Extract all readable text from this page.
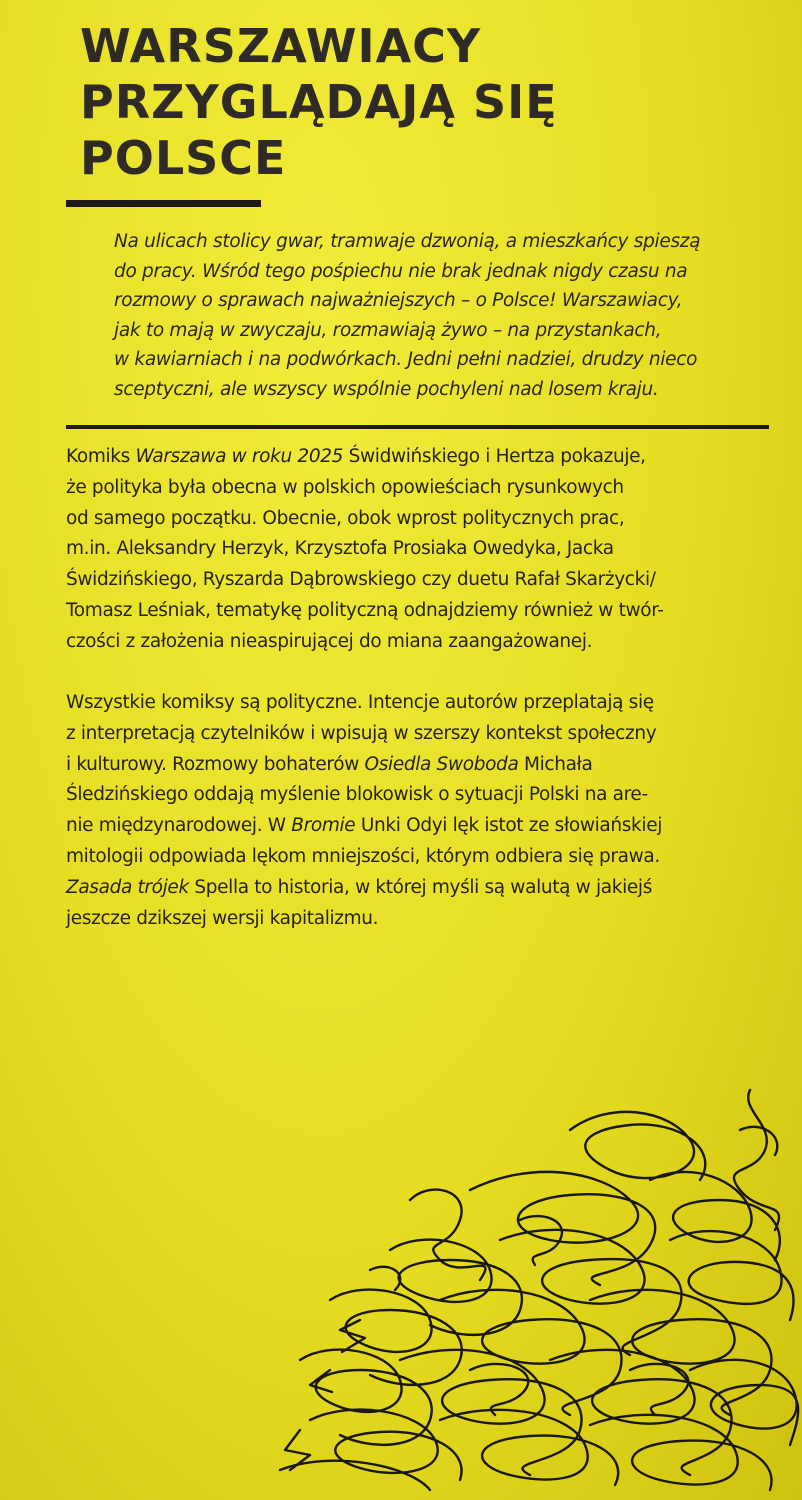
WARSZAWIACY
PRZYGLĄDAJĄ SIĘ
POLSCE

Na ulicach stolicy gwar, tramwaje dzwonią, a mieszkańcy spieszą
do pracy. Wśród tego pośpiechu nie brak jednak nigdy czasu na
rozmowy o sprawach najważniejszych – o Polsce! Warszawiacy,
jak to mają w zwyczaju, rozmawiają żywo – na przystankach,
w kawiarniach i na podwórkach. Jedni pełni nadziei, drudzy nieco
sceptyczni, ale wszyscy wspólnie pochyleni nad losem kraju.

Komiks Warszawa w roku 2025 Świdwińskiego i Hertza pokazuje,
że polityka była obecna w polskich opowieściach rysunkowych
od samego początku. Obecnie, obok wprost politycznych prac,
m.in. Aleksandry Herzyk, Krzysztofa Prosiaka Owedyka, Jacka
Świdzińskiego, Ryszarda Dąbrowskiego czy duetu Rafał Skarżycki/
Tomasz Leśniak, tematykę polityczną odnajdziemy również w twór-
czości z założenia nieaspirującej do miana zaangażowanej.

Wszystkie komiksy są polityczne. Intencje autorów przeplatają się
z interpretacją czytelników i wpisują w szerszy kontekst społeczny
i kulturowy. Rozmowy bohaterów Osiedla Swoboda Michała
Śledzińskiego oddają myślenie blokowisk o sytuacji Polski na are-
nie międzynarodowej. W Bromie Unki Odyi lęk istot ze słowiańskiej
mitologii odpowiada lękom mniejszości, którym odbiera się prawa.
Zasada trójek Spella to historia, w której myśli są walutą w jakiejś
jeszcze dzikszej wersji kapitalizmu.
